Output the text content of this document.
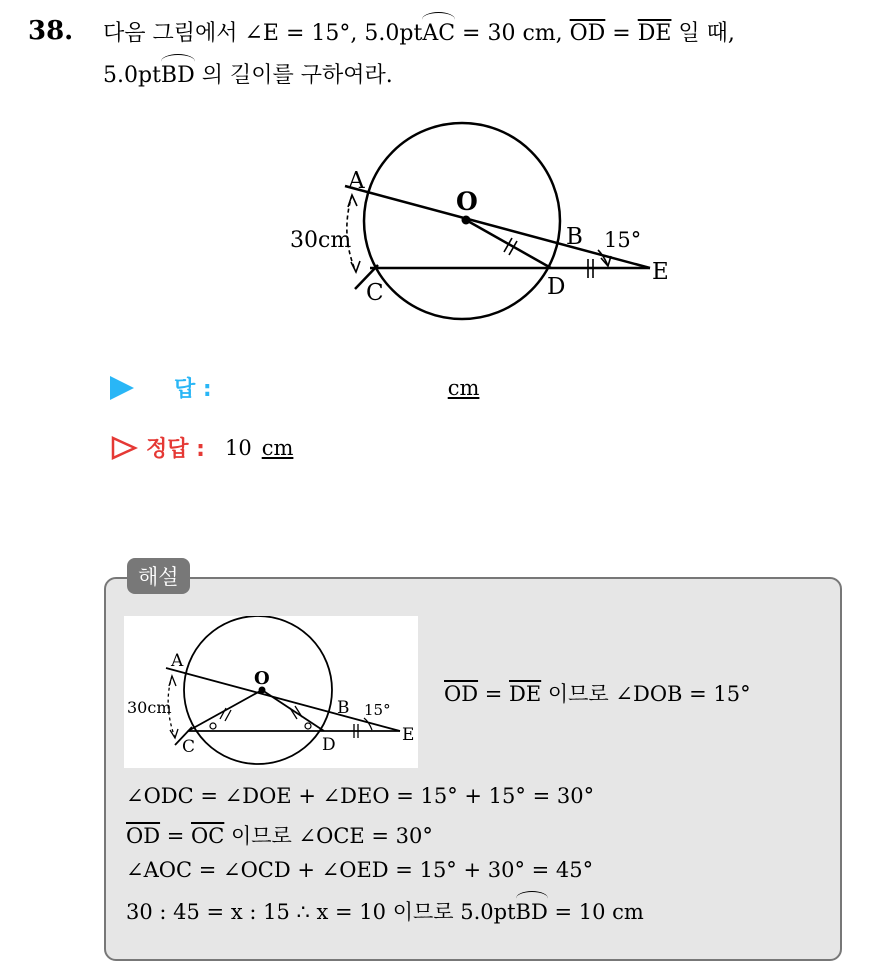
38. 다음 그림에서 ∠E = 15°, 5.0ptAC = 30 cm, $\overline{OD} = \overline{DE}$ 일 때,
5.0ptBD 의 길이를 구하여라.
A
O
B
C	D
E
30cm	15°
답 :	cm
정답 : 10 cm
해설
A
O
B
C	D	E
30cm	15°
$\overline{OD} = \overline{DE}$ 이므로 ∠DOB = 15°
∠ODC = ∠DOE + ∠DEO = 15° + 15° = 30°
$\overline{OD} = \overline{OC}$ 이므로 ∠OCE = 30°
∠AOC = ∠OCD + ∠OED = 15° + 30° = 45°
30 : 45 = x : 15 ∴ x = 10 이므로 5.0ptBD = 10 cm
